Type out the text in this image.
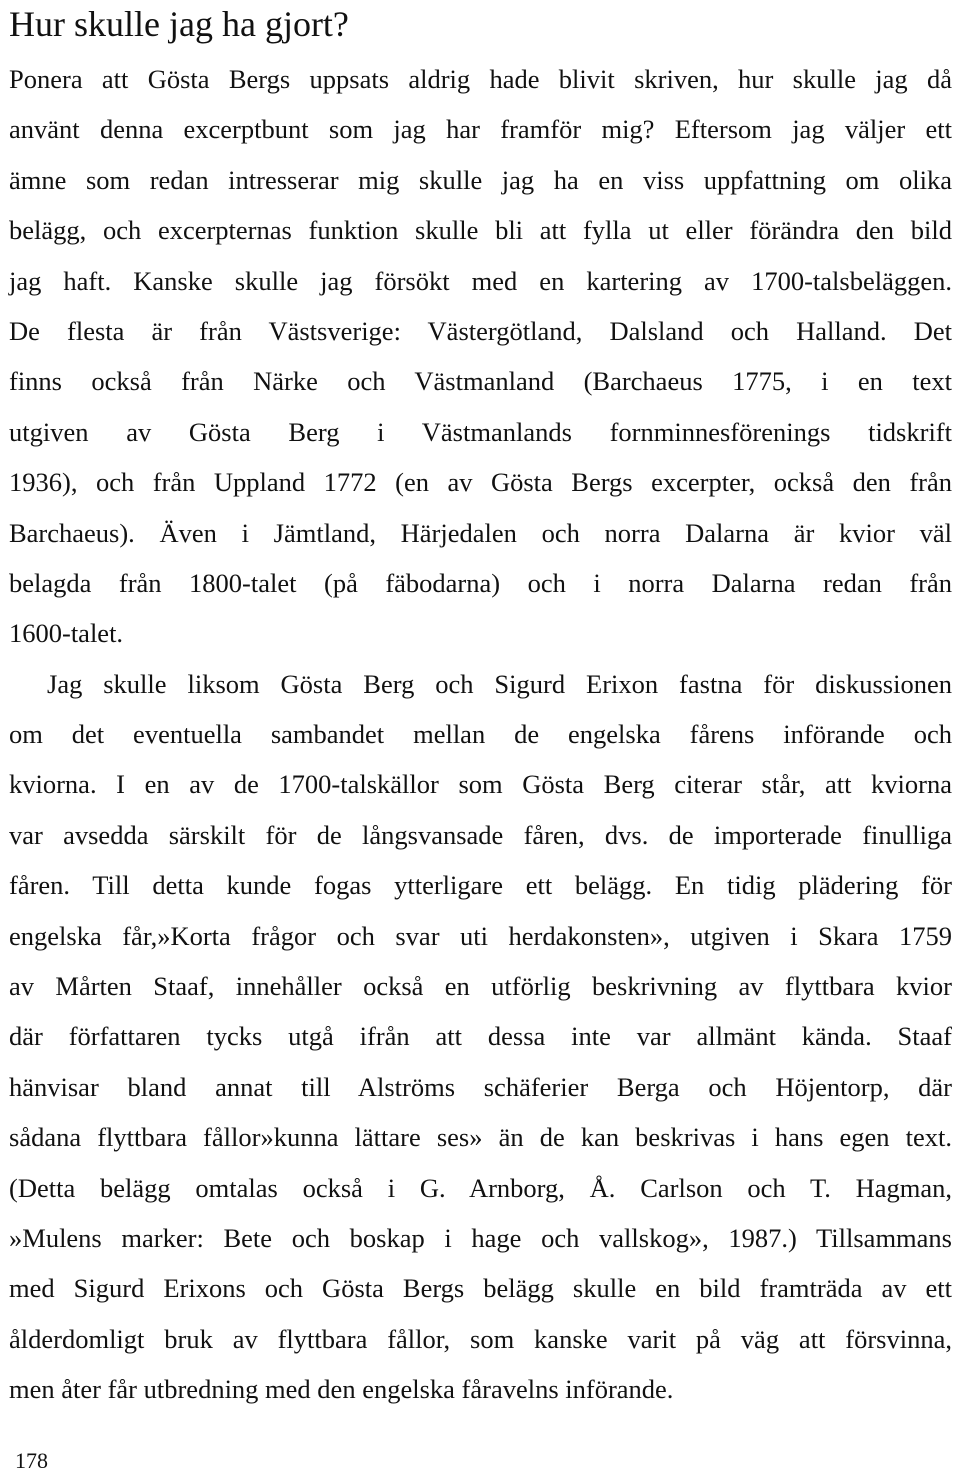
Hur skulle jag ha gjort?
Ponera att Gösta Bergs uppsats aldrig hade blivit skriven, hur skulle jag då
använt denna excerptbunt som jag har framför mig? Eftersom jag väljer ett
ämne som redan intresserar mig skulle jag ha en viss uppfattning om olika
belägg, och excerpternas funktion skulle bli att fylla ut eller förändra den bild
jag haft. Kanske skulle jag försökt med en kartering av 1700-talsbeläggen.
De flesta är från Västsverige: Västergötland, Dalsland och Halland. Det
finns också från Närke och Västmanland (Barchaeus 1775, i en text
utgiven av Gösta Berg i Västmanlands fornminnesförenings tidskrift
1936), och från Uppland 1772 (en av Gösta Bergs excerpter, också den från
Barchaeus). Även i Jämtland, Härjedalen och norra Dalarna är kvior väl
belagda från 1800-talet (på fäbodarna) och i norra Dalarna redan från
1600-talet.
Jag skulle liksom Gösta Berg och Sigurd Erixon fastna för diskussionen
om det eventuella sambandet mellan de engelska fårens införande och
kviorna. I en av de 1700-talskällor som Gösta Berg citerar står, att kviorna
var avsedda särskilt för de långsvansade fåren, dvs. de importerade finulliga
fåren. Till detta kunde fogas ytterligare ett belägg. En tidig plädering för
engelska får,»Korta frågor och svar uti herdakonsten», utgiven i Skara 1759
av Mårten Staaf, innehåller också en utförlig beskrivning av flyttbara kvior
där författaren tycks utgå ifrån att dessa inte var allmänt kända. Staaf
hänvisar bland annat till Alströms schäferier Berga och Höjentorp, där
sådana flyttbara fållor»kunna lättare ses» än de kan beskrivas i hans egen text.
(Detta belägg omtalas också i G. Arnborg, Å. Carlson och T. Hagman,
»Mulens marker: Bete och boskap i hage och vallskog», 1987.) Tillsammans
med Sigurd Erixons och Gösta Bergs belägg skulle en bild framträda av ett
ålderdomligt bruk av flyttbara fållor, som kanske varit på väg att försvinna,
men åter får utbredning med den engelska fåravelns införande.
178
